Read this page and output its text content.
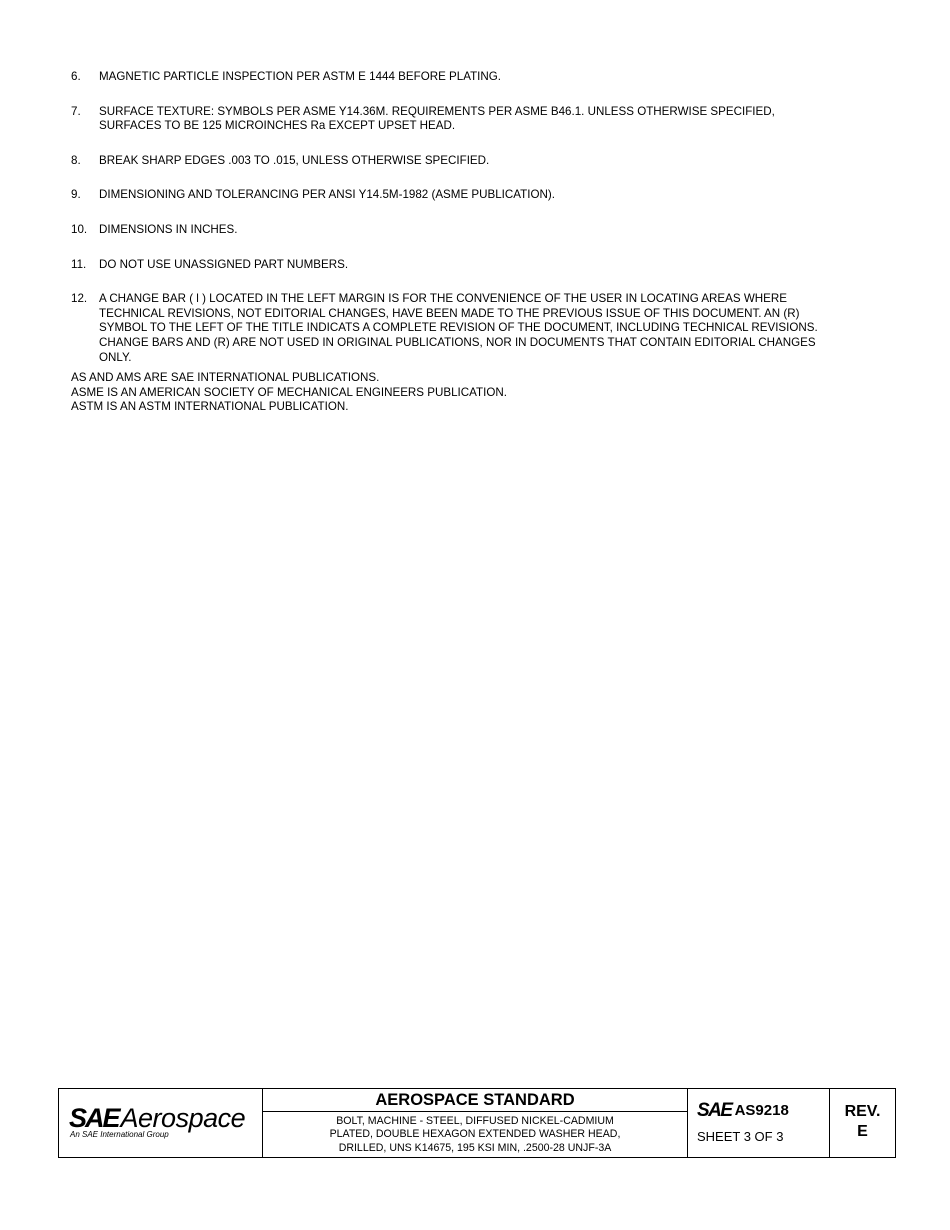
6.	MAGNETIC PARTICLE INSPECTION PER ASTM E 1444 BEFORE PLATING.
7.	SURFACE TEXTURE: SYMBOLS PER ASME Y14.36M. REQUIREMENTS PER ASME B46.1. UNLESS OTHERWISE SPECIFIED,
SURFACES TO BE 125 MICROINCHES Ra EXCEPT UPSET HEAD.
8.	BREAK SHARP EDGES .003 TO .015, UNLESS OTHERWISE SPECIFIED.
9.	DIMENSIONING AND TOLERANCING PER ANSI Y14.5M-1982 (ASME PUBLICATION).
10.	DIMENSIONS IN INCHES.
11.	DO NOT USE UNASSIGNED PART NUMBERS.
12.	A CHANGE BAR ( l ) LOCATED IN THE LEFT MARGIN IS FOR THE CONVENIENCE OF THE USER IN LOCATING AREAS WHERE
TECHNICAL REVISIONS, NOT EDITORIAL CHANGES, HAVE BEEN MADE TO THE PREVIOUS ISSUE OF THIS DOCUMENT. AN (R)
SYMBOL TO THE LEFT OF THE TITLE INDICATS A COMPLETE REVISION OF THE DOCUMENT, INCLUDING TECHNICAL REVISIONS.
CHANGE BARS AND (R) ARE NOT USED IN ORIGINAL PUBLICATIONS, NOR IN DOCUMENTS THAT CONTAIN EDITORIAL CHANGES
ONLY.
AS AND AMS ARE SAE INTERNATIONAL PUBLICATIONS.
ASME IS AN AMERICAN SOCIETY OF MECHANICAL ENGINEERS PUBLICATION.
ASTM IS AN ASTM INTERNATIONAL PUBLICATION.
SAE Aerospace
An SAE International Group
AEROSPACE STANDARD
BOLT, MACHINE - STEEL, DIFFUSED NICKEL-CADMIUM
PLATED, DOUBLE HEXAGON EXTENDED WASHER HEAD,
DRILLED, UNS K14675, 195 KSI MIN, .2500-28 UNJF-3A
SAE AS9218
SHEET 3 OF 3
REV.
E
